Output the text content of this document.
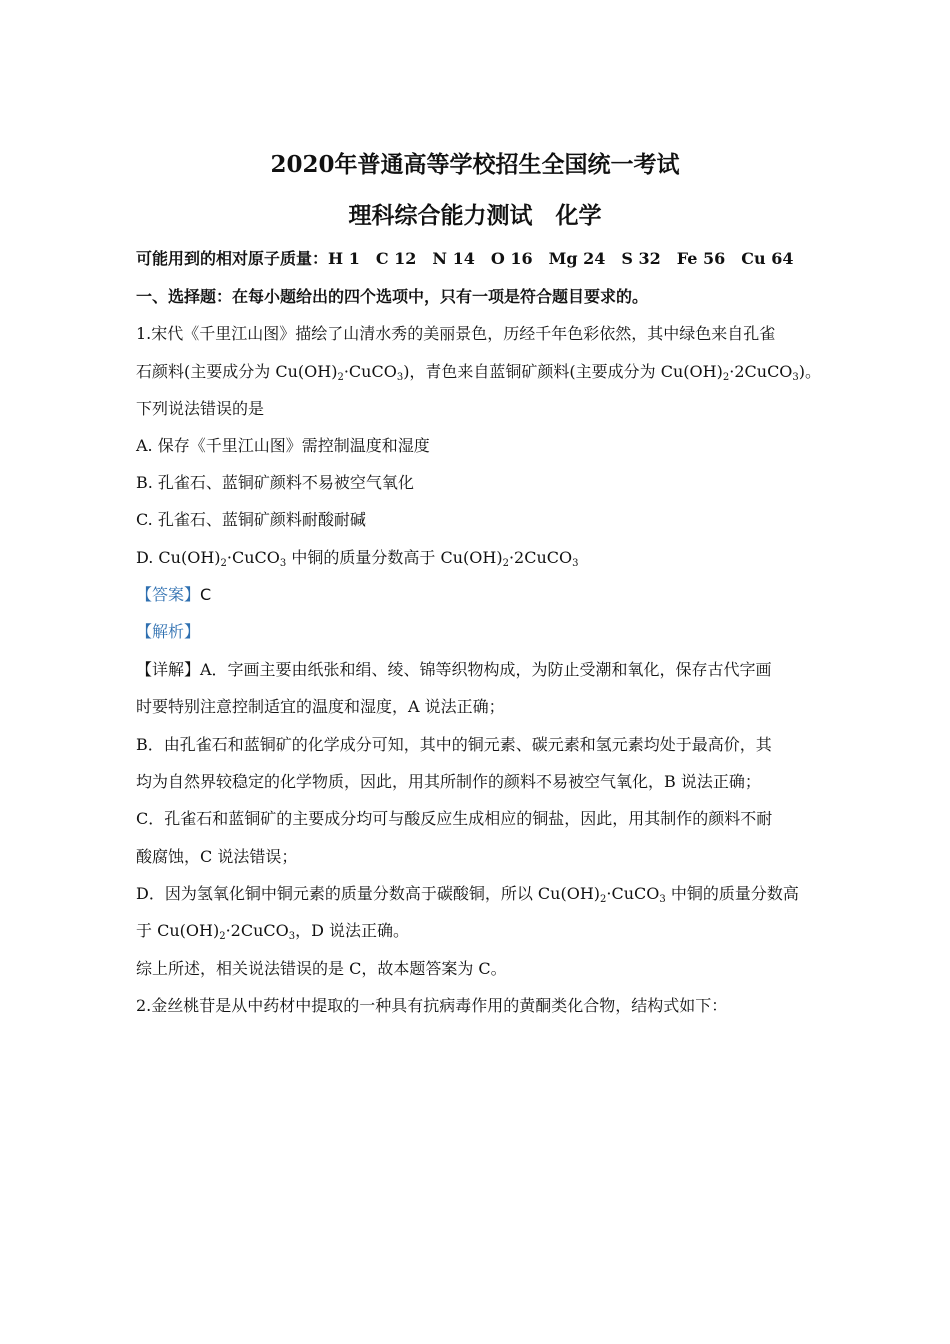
2020年普通高等学校招生全国统一考试
理科综合能力测试　化学
可能用到的相对原子质量：H 1　C 12　N 14　O 16　Mg 24　S 32　Fe 56　Cu 64
一、选择题：在每小题给出的四个选项中，只有一项是符合题目要求的。
1.宋代《千里江山图》描绘了山清水秀的美丽景色，历经千年色彩依然，其中绿色来自孔雀
石颜料(主要成分为 $Cu(OH)_2\cdot CuCO_3$)，青色来自蓝铜矿颜料(主要成分为 $Cu(OH)_2\cdot 2CuCO_3$)。
下列说法错误的是
A. 保存《千里江山图》需控制温度和湿度
B. 孔雀石、蓝铜矿颜料不易被空气氧化
C. 孔雀石、蓝铜矿颜料耐酸耐碱
D. $Cu(OH)_2\cdot CuCO_3$ 中铜的质量分数高于 $Cu(OH)_2\cdot 2CuCO_3$
【答案】C
【解析】
【详解】A．字画主要由纸张和绢、绫、锦等织物构成，为防止受潮和氧化，保存古代字画
时要特别注意控制适宜的温度和湿度，A 说法正确；
B．由孔雀石和蓝铜矿的化学成分可知，其中的铜元素、碳元素和氢元素均处于最高价，其
均为自然界较稳定的化学物质，因此，用其所制作的颜料不易被空气氧化，B 说法正确；
C．孔雀石和蓝铜矿的主要成分均可与酸反应生成相应的铜盐，因此，用其制作的颜料不耐
酸腐蚀，C 说法错误；
D．因为氢氧化铜中铜元素的质量分数高于碳酸铜，所以 $Cu(OH)_2\cdot CuCO_3$ 中铜的质量分数高
于 $Cu(OH)_2\cdot 2CuCO_3$，D 说法正确。
综上所述，相关说法错误的是 C，故本题答案为 C。
2.金丝桃苷是从中药材中提取的一种具有抗病毒作用的黄酮类化合物，结构式如下：
